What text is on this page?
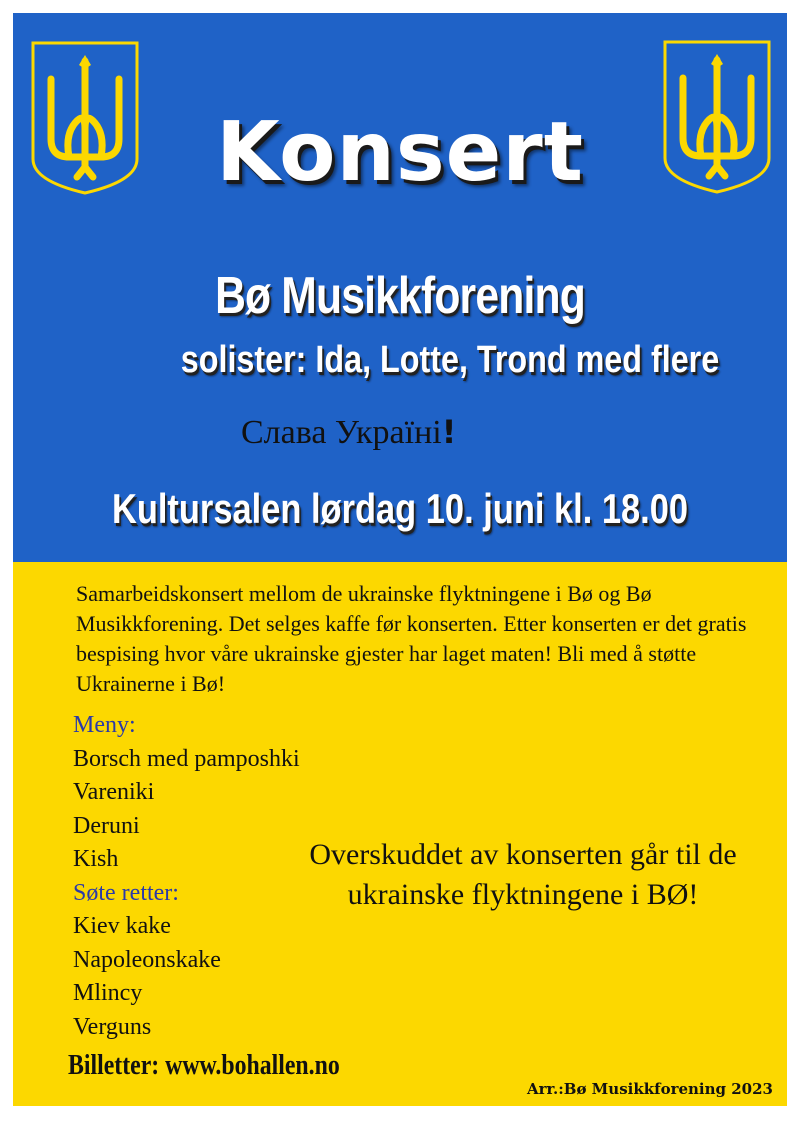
Konsert
Bø Musikkforening
solister: Ida, Lotte, Trond med flere
Слава Україні!
Kultursalen lørdag 10. juni kl. 18.00
Samarbeidskonsert mellom de ukrainske flyktningene i Bø og Bø Musikkforening. Det selges kaffe før konserten. Etter konserten er det gratis bespising hvor våre ukrainske gjester har laget maten! Bli med å støtte Ukrainerne i Bø!
Meny:
Borsch med pamposhki
Vareniki
Deruni
Kish
Søte retter:
Kiev kake
Napoleonskake
Mlincy
Verguns
Overskuddet av konserten går til de ukrainske flyktningene i BØ!
Billetter: www.bohallen.no
Arr.:Bø Musikkforening 2023
